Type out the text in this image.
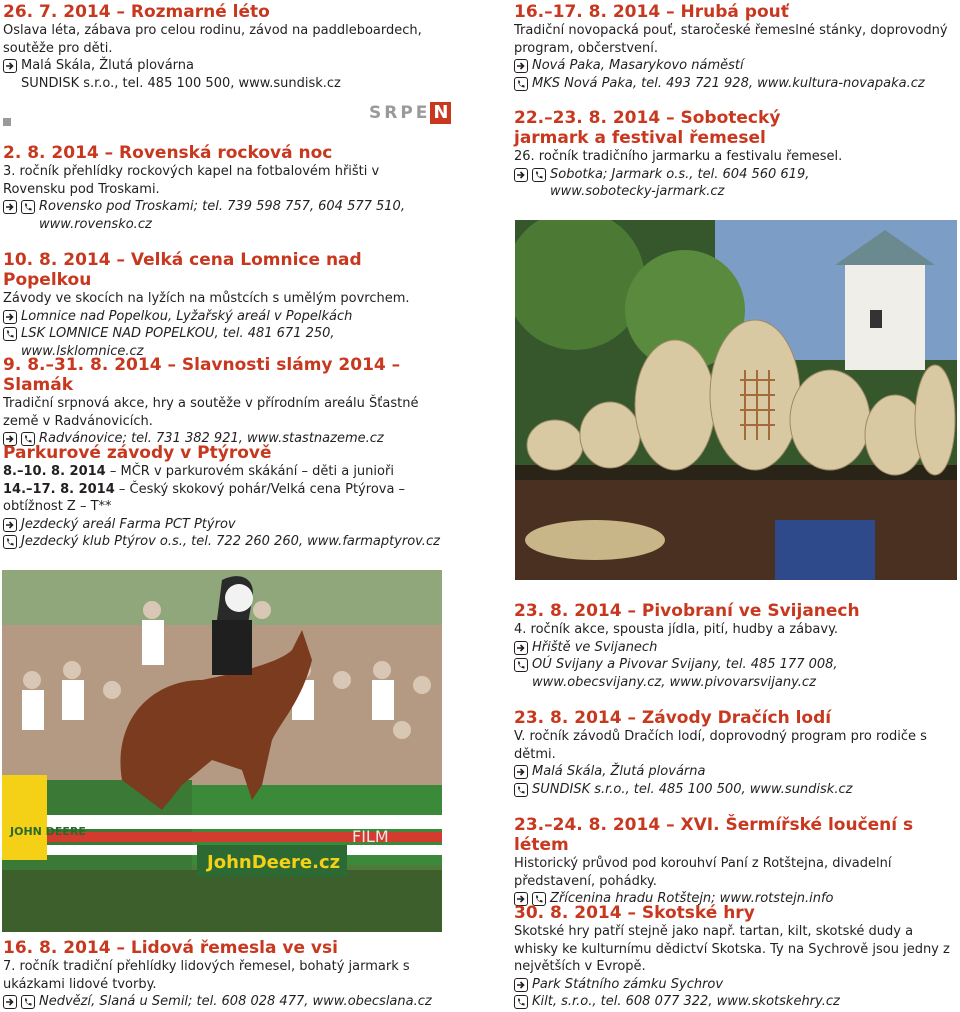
SRPE N
26. 7. 2014 – Rozmarné léto
Oslava léta, zábava pro celou rodinu, závod na paddleboardech, soutěže pro děti.
Malá Skála, Žlutá plovárna
SUNDISK s.r.o., tel. 485 100 500, www.sundisk.cz
2. 8. 2014 – Rovenská rocková noc
3. ročník přehlídky rockových kapel na fotbalovém hřišti v Rovensku pod Troskami.
Rovensko pod Troskami; tel. 739 598 757, 604 577 510, www.rovensko.cz
10. 8. 2014 – Velká cena Lomnice nad Popelkou
Závody ve skocích na lyžích na můstcích s umělým povrchem.
Lomnice nad Popelkou, Lyžařský areál v Popelkách
LSK LOMNICE NAD POPELKOU, tel. 481 671 250, www.lsklomnice.cz
9. 8.–31. 8. 2014 – Slavnosti slámy 2014 – Slamák
Tradiční srpnová akce, hry a soutěže v přírodním areálu Šťastné země v Radvánovicích.
Radvánovice; tel. 731 382 921, www.stastnazeme.cz
Parkurové závody v Ptýrově
8.–10. 8. 2014 – MČR v parkurovém skákání – děti a junioři
14.–17. 8. 2014 – Český skokový pohár/Velká cena Ptýrova – obtížnost Z – T**
Jezdecký areál Farma PCT Ptýrov
Jezdecký klub Ptýrov o.s., tel. 722 260 260, www.farmaptyrov.cz
JOHN DEERE
JohnDeere.cz
FILM
16. 8. 2014 – Lidová řemesla ve vsi
7. ročník tradiční přehlídky lidových řemesel, bohatý jarmark s ukázkami lidové tvorby.
Nedvězí, Slaná u Semil; tel. 608 028 477, www.obecslana.cz
16.–17. 8. 2014 – Hrubá pouť
Tradiční novopacká pouť, staročeské řemeslné stánky, doprovodný program, občerstvení.
Nová Paka, Masarykovo náměstí
MKS Nová Paka, tel. 493 721 928, www.kultura-novapaka.cz
22.–23. 8. 2014 – Sobotecký jarmark a festival řemesel
26. ročník tradičního jarmarku a festivalu řemesel.
Sobotka; Jarmark o.s., tel. 604 560 619, www.sobotecky-jarmark.cz
23. 8. 2014 – Pivobraní ve Svijanech
4. ročník akce, spousta jídla, pití, hudby a zábavy.
Hřiště ve Svijanech
OÚ Svijany a Pivovar Svijany, tel. 485 177 008, www.obecsvijany.cz, www.pivovarsvijany.cz
23. 8. 2014 – Závody Dračích lodí
V. ročník závodů Dračích lodí, doprovodný program pro rodiče s dětmi.
Malá Skála, Žlutá plovárna
SUNDISK s.r.o., tel. 485 100 500, www.sundisk.cz
23.–24. 8. 2014 – XVI. Šermířské loučení s létem
Historický průvod pod korouhví Paní z Rotštejna, divadelní představení, pohádky.
Zřícenina hradu Rotštejn; www.rotstejn.info
30. 8. 2014 – Skotské hry
Skotské hry patří stejně jako např. tartan, kilt, skotské dudy a whisky ke kulturnímu dědictví Skotska. Ty na Sychrově jsou jedny z největších v Evropě.
Park Státního zámku Sychrov
Kilt, s.r.o., tel. 608 077 322, www.skotskehry.cz
